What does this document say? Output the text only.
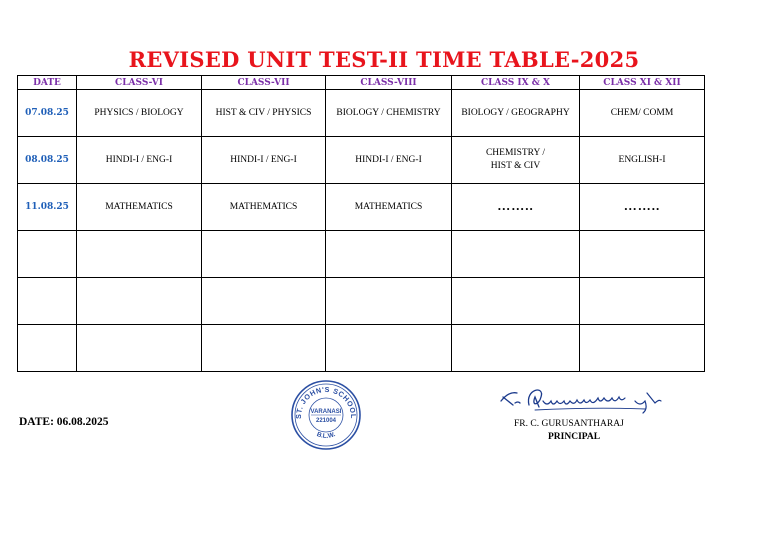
REVISED UNIT TEST-II TIME TABLE-2025
DATE	CLASS-VI	CLASS-VII	CLASS-VIII	CLASS IX & X	CLASS XI & XII
07.08.25	PHYSICS / BIOLOGY	HIST & CIV / PHYSICS	BIOLOGY / CHEMISTRY	BIOLOGY / GEOGRAPHY	CHEM/ COMM
08.08.25	HINDI-I / ENG-I	HINDI-I / ENG-I	HINDI-I / ENG-I	CHEMISTRY / HIST & CIV	ENGLISH-I
11.08.25	MATHEMATICS	MATHEMATICS	MATHEMATICS	……..	……..

DATE: 06.08.2025	ST. JOHN'S SCHOOL
B.L.W.
VARANASI
221004	FR. C. GURUSANTHARAJ
PRINCIPAL
